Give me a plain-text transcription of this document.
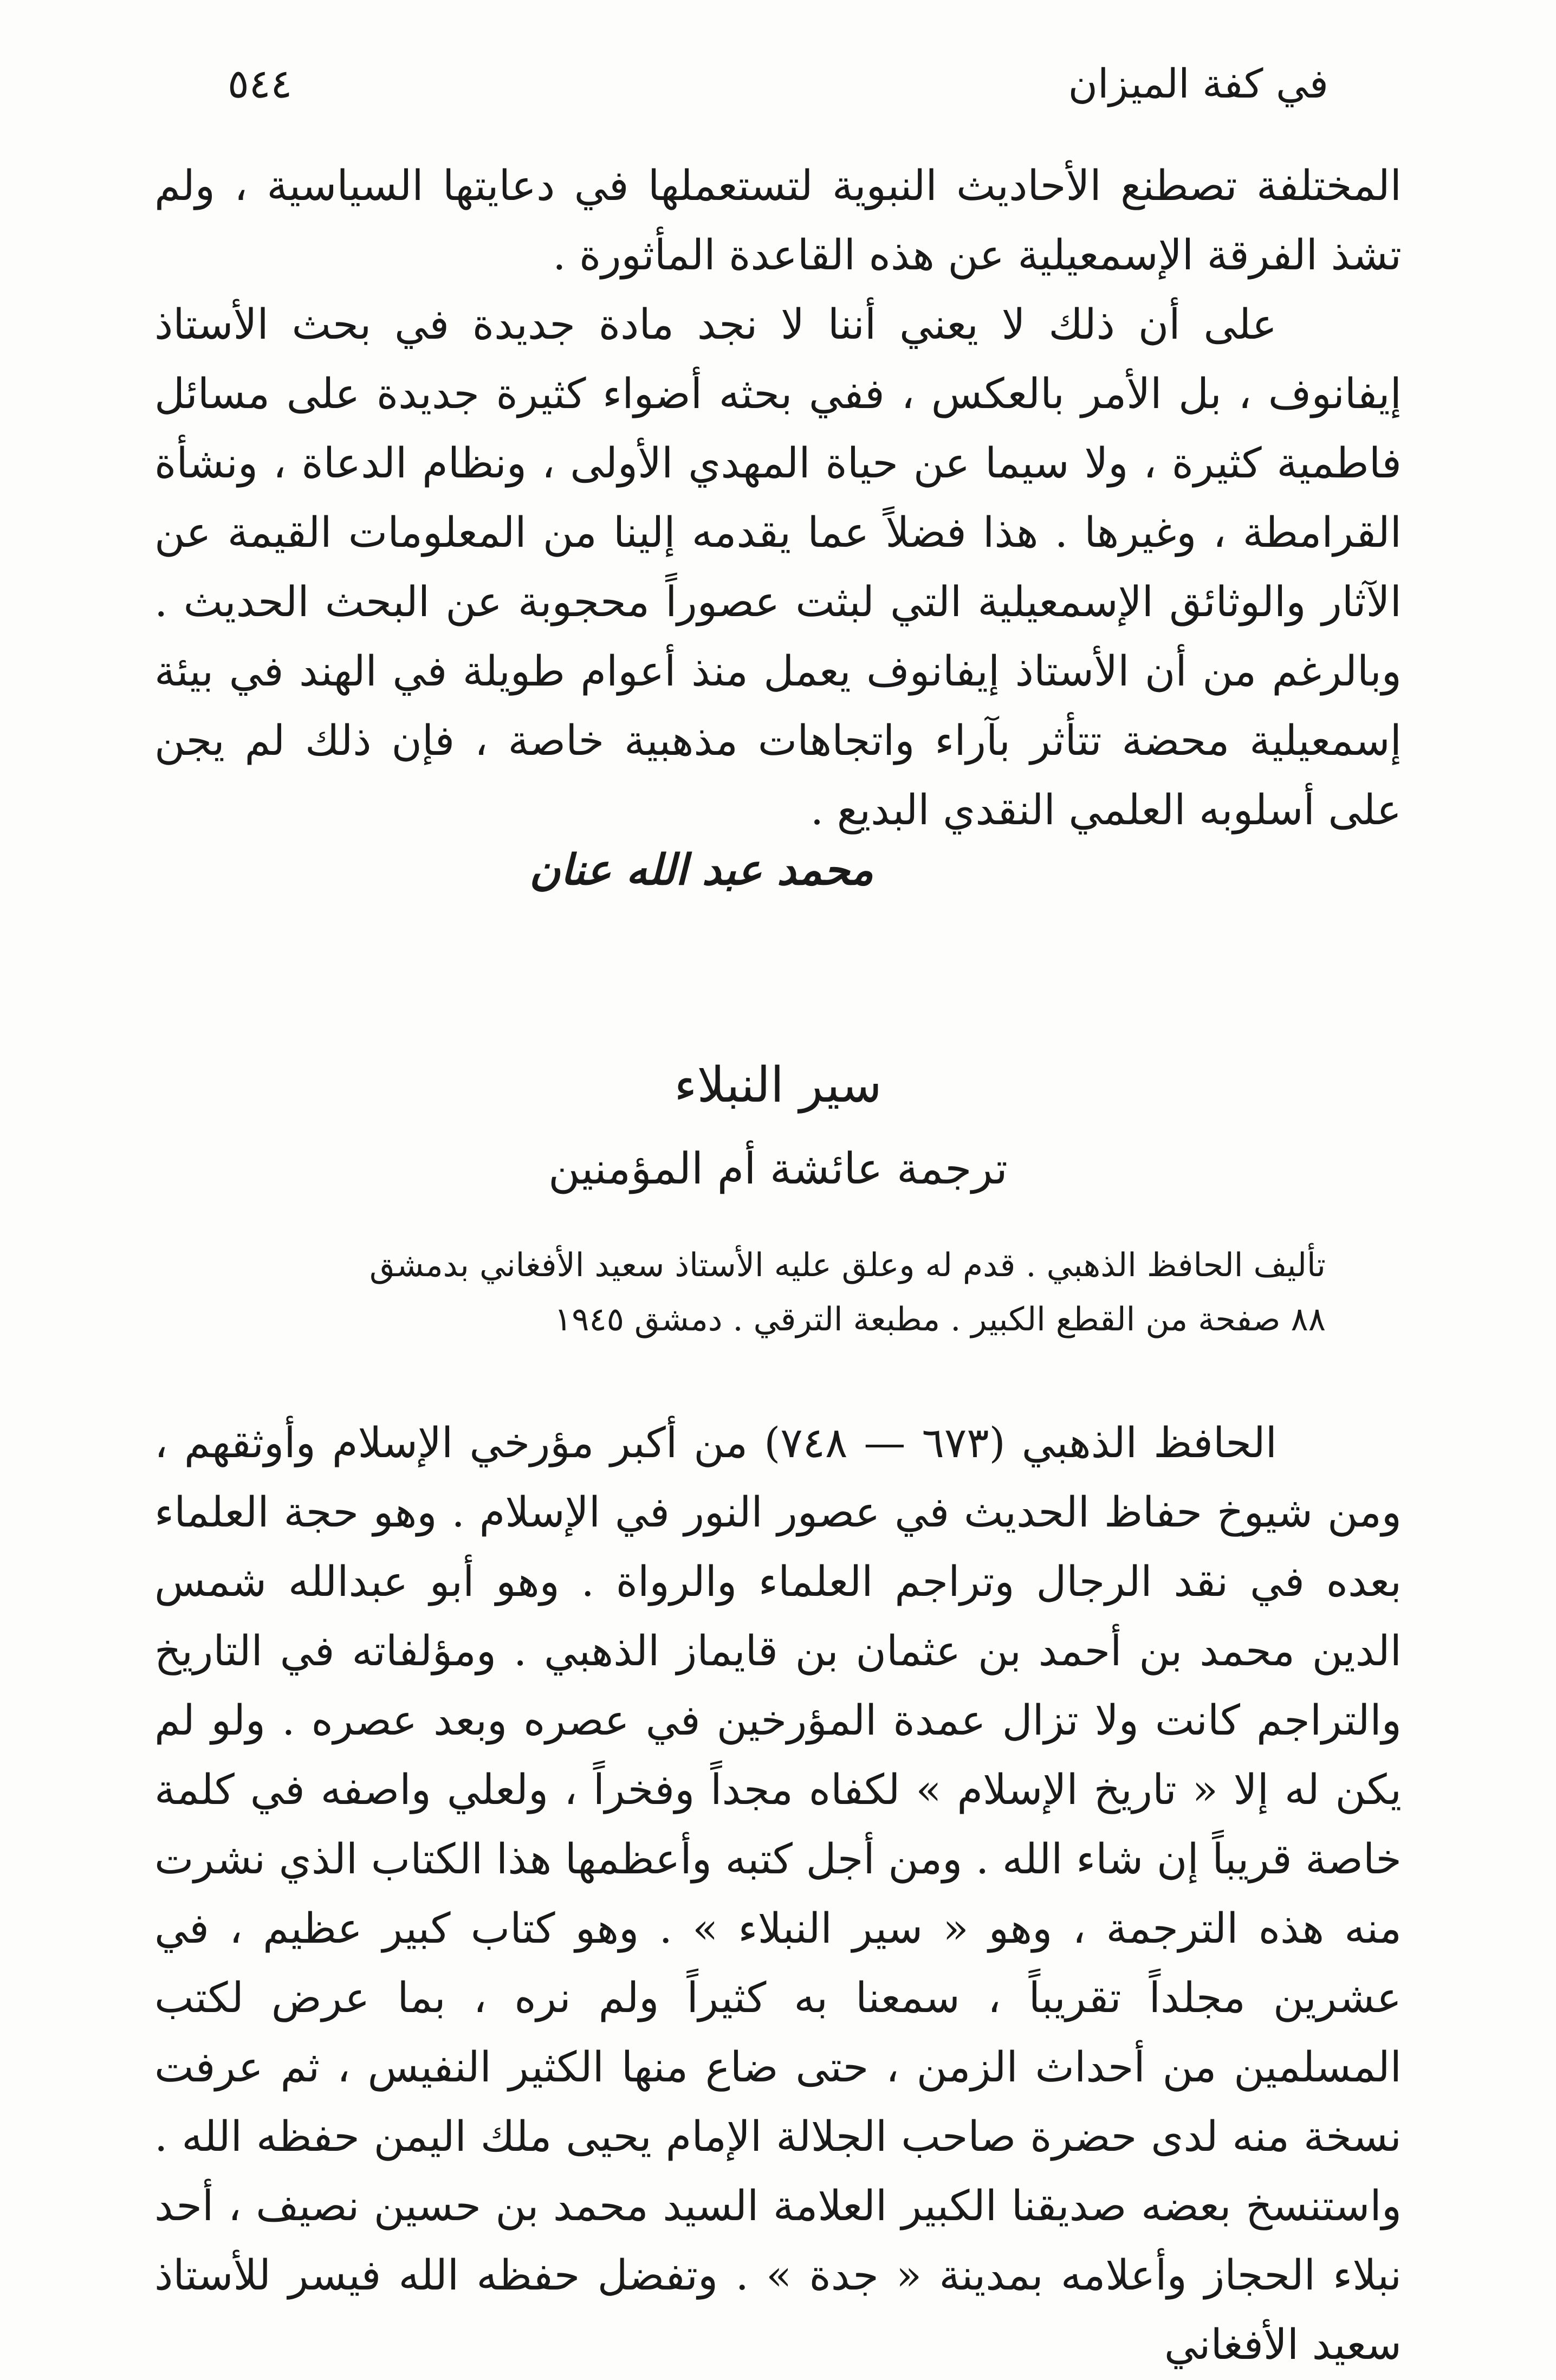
٥٤٤	في كفة الميزان

المختلفة تصطنع الأحاديث النبوية لتستعملها في دعايتها السياسية ، ولم تشذ الفرقة الإسمعيلية عن هذه القاعدة المأثورة .

على أن ذلك لا يعني أننا لا نجد مادة جديدة في بحث الأستاذ إيفانوف ، بل الأمر بالعكس ، ففي بحثه أضواء كثيرة جديدة على مسائل فاطمية كثيرة ، ولا سيما عن حياة المهدي الأولى ، ونظام الدعاة ، ونشأة القرامطة ، وغيرها . هذا فضلاً عما يقدمه إلينا من المعلومات القيمة عن الآثار والوثائق الإسمعيلية التي لبثت عصوراً محجوبة عن البحث الحديث . وبالرغم من أن الأستاذ إيفانوف يعمل منذ أعوام طويلة في الهند في بيئة إسمعيلية محضة تتأثر بآراء واتجاهات مذهبية خاصة ، فإن ذلك لم يجن على أسلوبه العلمي النقدي البديع .

محمد عبد الله عنان
سير النبلاء
ترجمة عائشة أم المؤمنين
تأليف الحافظ الذهبي . قدم له وعلق عليه الأستاذ سعيد الأفغاني بدمشق
٨٨ صفحة من القطع الكبير . مطبعة الترقي . دمشق ١٩٤٥

الحافظ الذهبي (٦٧٣ — ٧٤٨) من أكبر مؤرخي الإسلام وأوثقهم ، ومن شيوخ حفاظ الحديث في عصور النور في الإسلام . وهو حجة العلماء بعده في نقد الرجال وتراجم العلماء والرواة . وهو أبو عبدالله شمس الدين محمد بن أحمد بن عثمان بن قايماز الذهبي . ومؤلفاته في التاريخ والتراجم كانت ولا تزال عمدة المؤرخين في عصره وبعد عصره . ولو لم يكن له إلا « تاريخ الإسلام » لكفاه مجداً وفخراً ، ولعلي واصفه في كلمة خاصة قريباً إن شاء الله . ومن أجل كتبه وأعظمها هذا الكتاب الذي نشرت منه هذه الترجمة ، وهو « سير النبلاء » . وهو كتاب كبير عظيم ، في عشرين مجلداً تقريباً ، سمعنا به كثيراً ولم نره ، بما عرض لكتب المسلمين من أحداث الزمن ، حتى ضاع منها الكثير النفيس ، ثم عرفت نسخة منه لدى حضرة صاحب الجلالة الإمام يحيى ملك اليمن حفظه الله . واستنسخ بعضه صديقنا الكبير العلامة السيد محمد بن حسين نصيف ، أحد نبلاء الحجاز وأعلامه بمدينة « جدة » . وتفضل حفظه الله فيسر للأستاذ سعيد الأفغاني
